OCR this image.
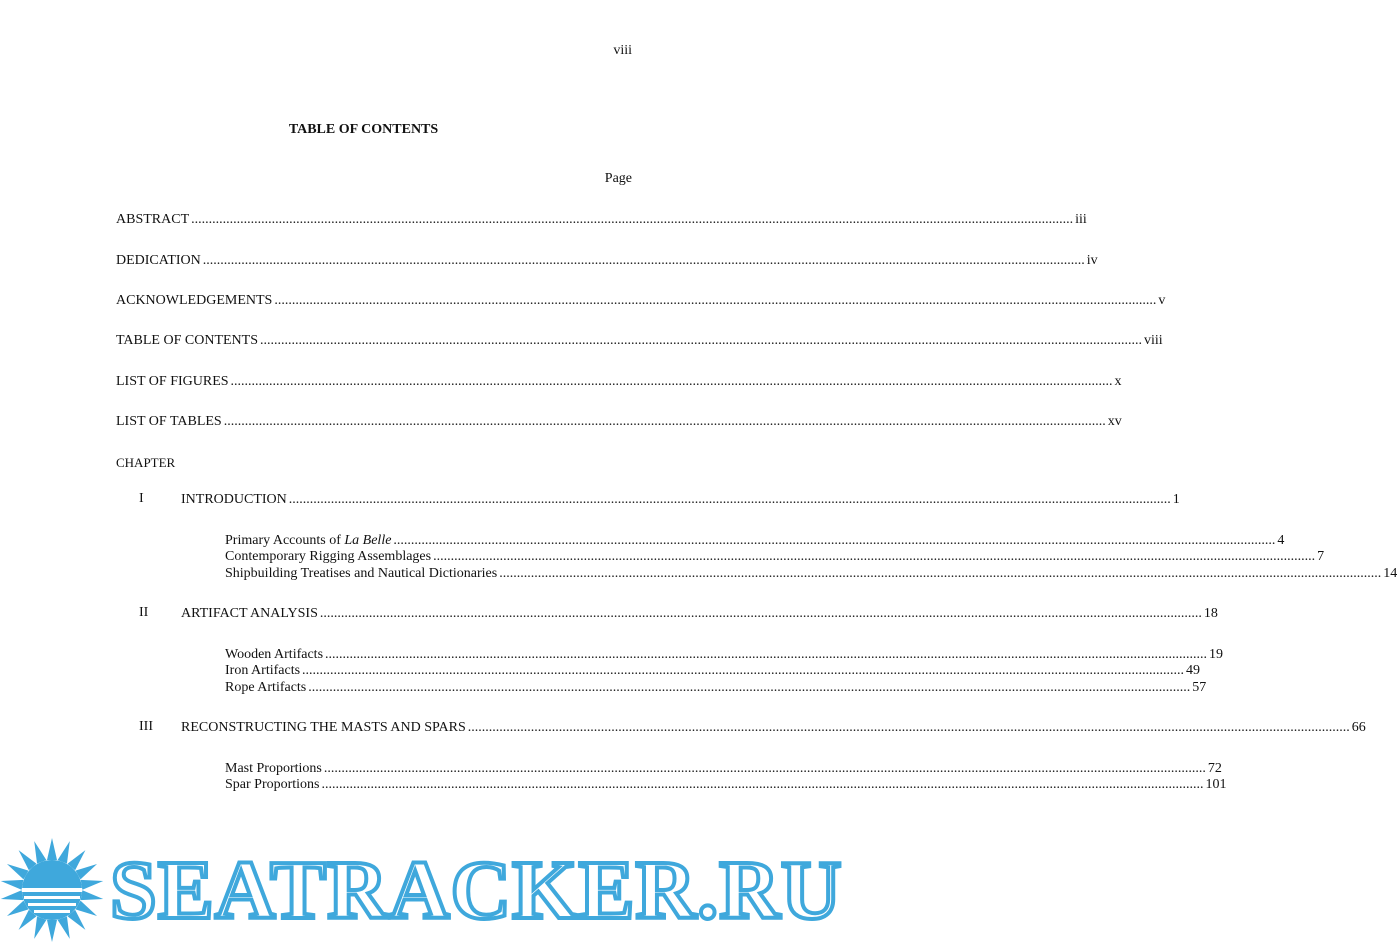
viii
TABLE OF CONTENTS
Page
ABSTRACT .....	iii
DEDICATION .....	iv
ACKNOWLEDGEMENTS .....	v
TABLE OF CONTENTS .....	viii
LIST OF FIGURES .....	x
LIST OF TABLES .....	xv
CHAPTER
I	INTRODUCTION .....	1
Primary Accounts of La Belle .....	4
Contemporary Rigging Assemblages .....	7
Shipbuilding Treatises and Nautical Dictionaries .....	14
II ARTIFACT ANALYSIS .....	18
Wooden Artifacts .....	19
Iron Artifacts .....	49
Rope Artifacts .....	57
III RECONSTRUCTING THE MASTS AND SPARS .....	66
Mast Proportions .....	72
Spar Proportions .....	101
SEATRACKER.RU
